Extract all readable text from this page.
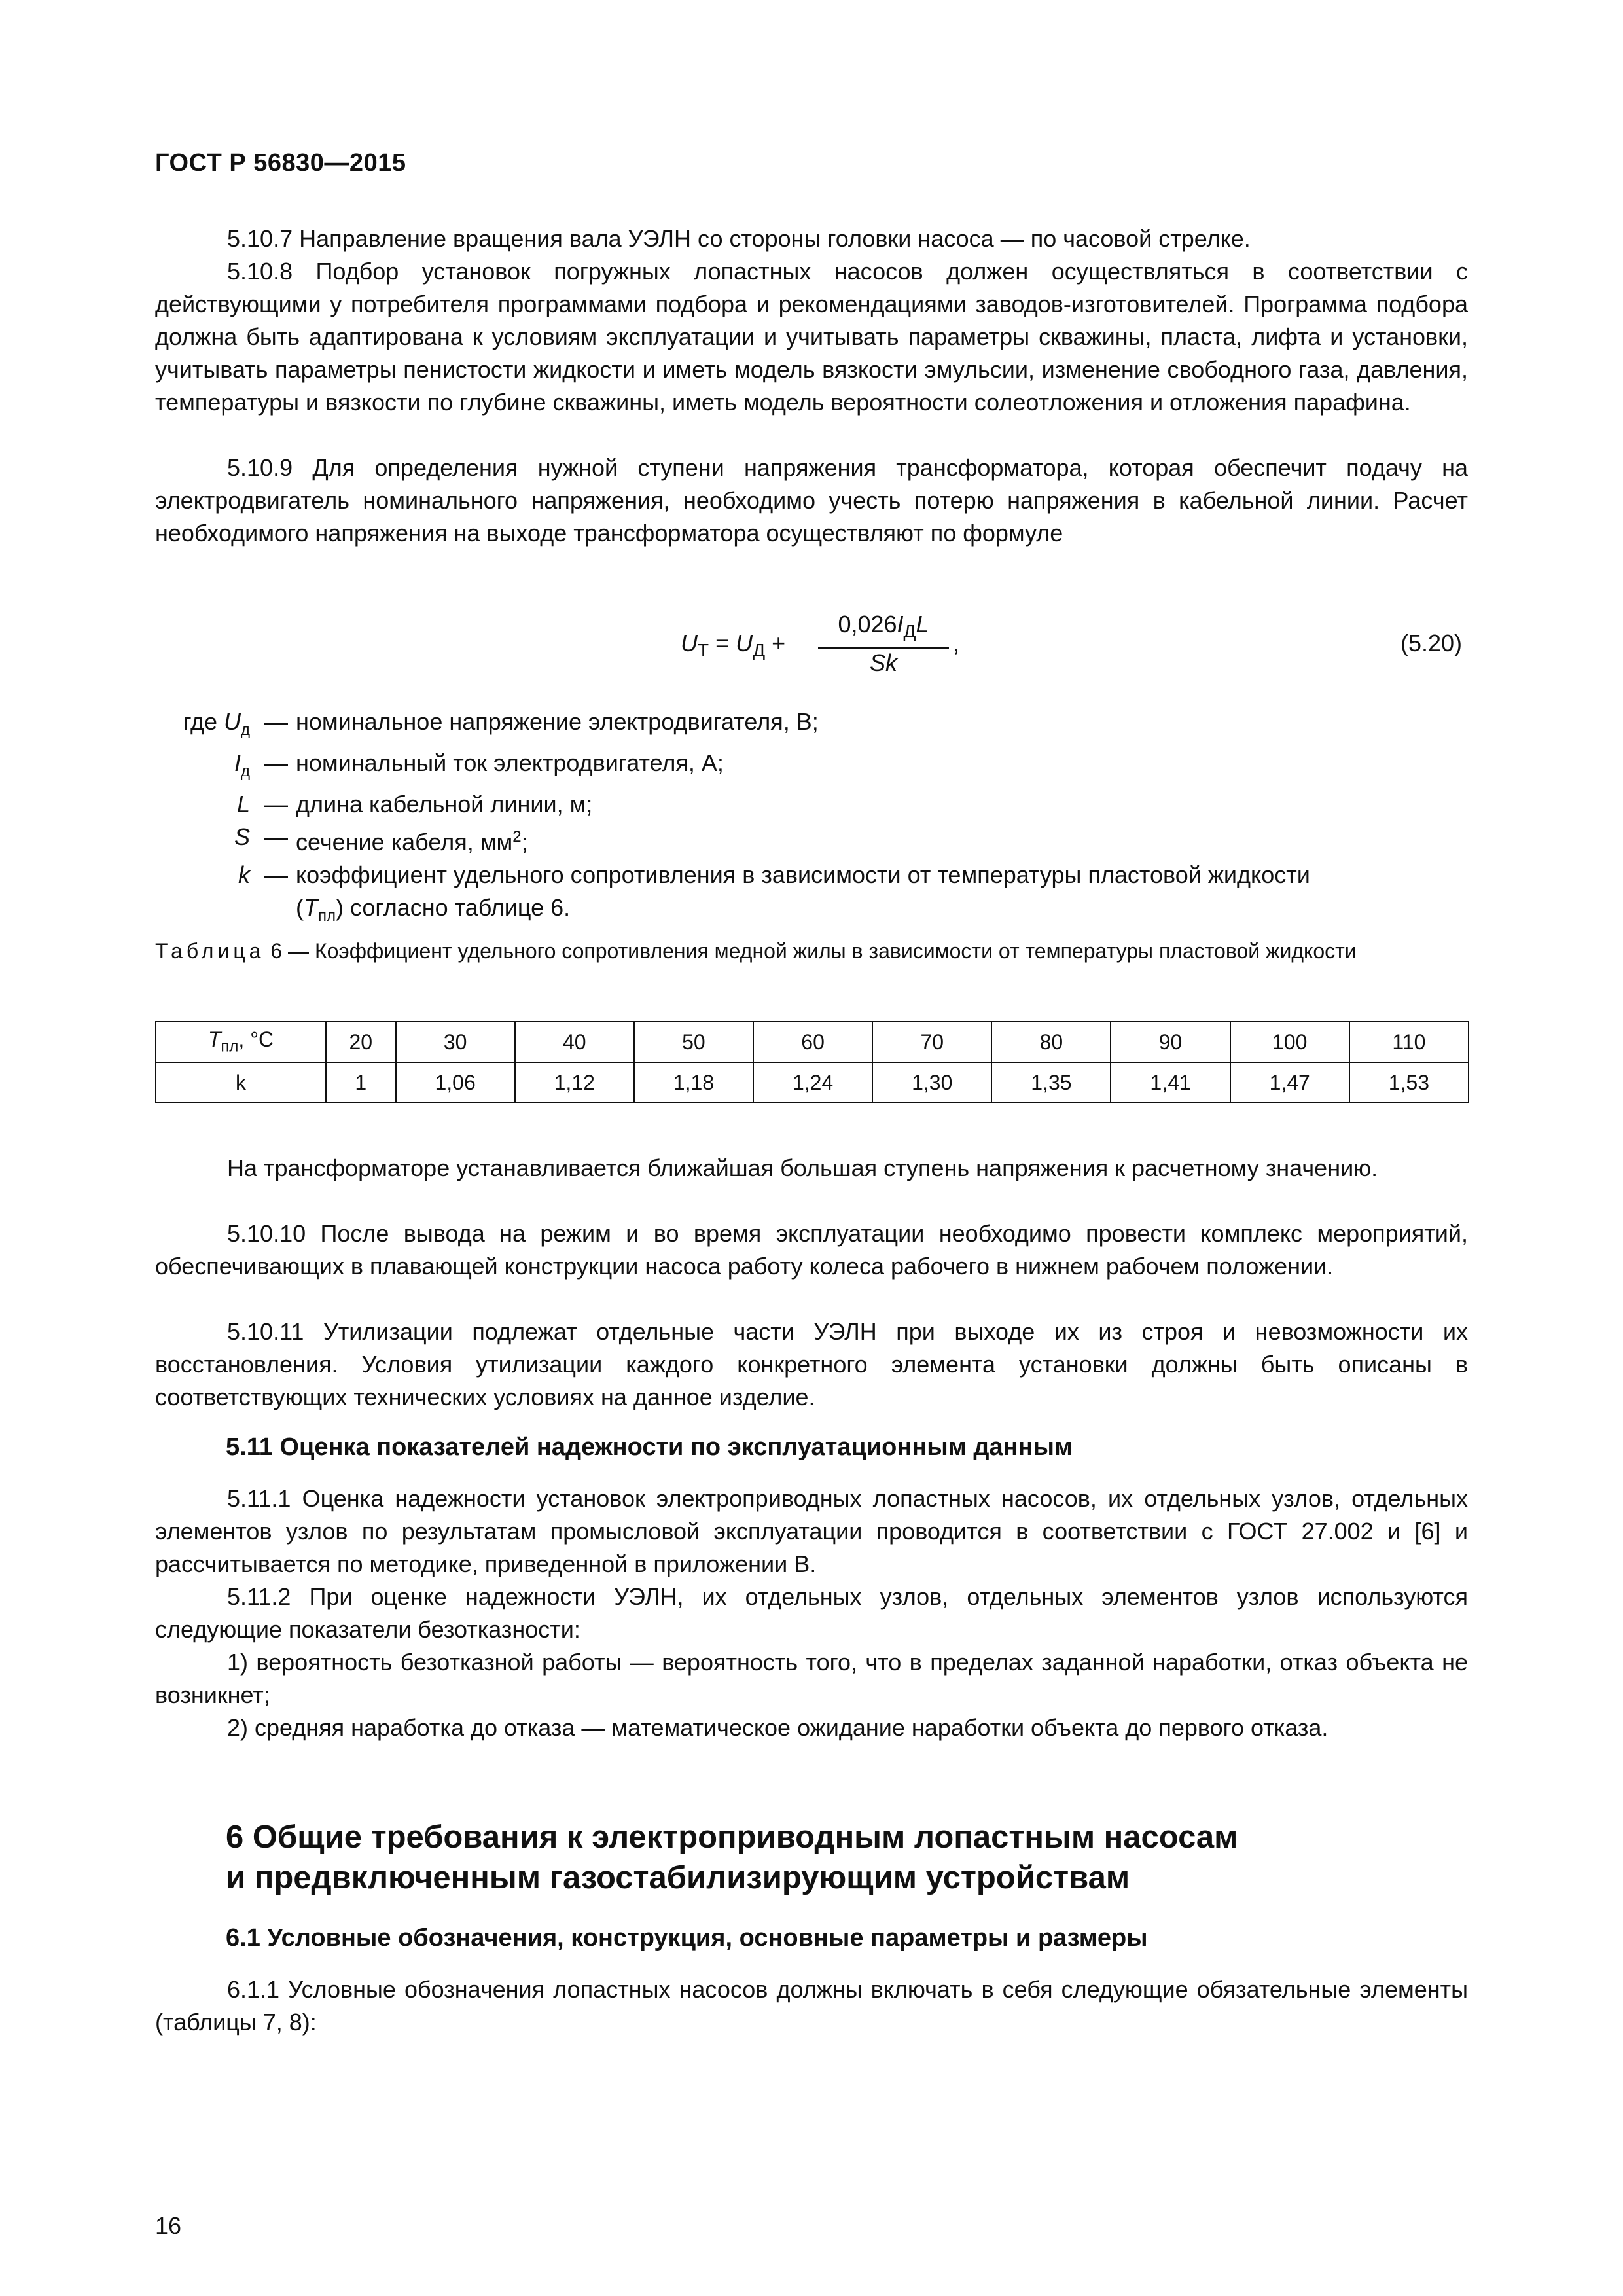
ГОСТ Р 56830—2015

5.10.7 Направление вращения вала УЭЛН со стороны головки насоса — по часовой стрелке.

5.10.8 Подбор установок погружных лопастных насосов должен осуществляться в соответствии с действующими у потребителя программами подбора и рекомендациями заводов-изготовителей. Программа подбора должна быть адаптирована к условиям эксплуатации и учитывать параметры скважины, пласта, лифта и установки, учитывать параметры пенистости жидкости и иметь модель вязкости эмульсии, изменение свободного газа, давления, температуры и вязкости по глубине скважины, иметь модель вероятности солеотложения и отложения парафина.

5.10.9 Для определения нужной ступени напряжения трансформатора, которая обеспечит подачу на электродвигатель номинального напряжения, необходимо учесть потерю напряжения в кабельной линии. Расчет необходимого напряжения на выходе трансформатора осуществляют по формуле

$U_Т = U_Д$ +
$0,026I_ДL$
Sk
,	(5.20)
где $U_д$ — номинальное напряжение электродвигателя, В;
$I_д$ — номинальный ток электродвигателя, А;
L — длина кабельной линии, м;
S — сечение кабеля, $мм^2$;
k — коэффициент удельного сопротивления в зависимости от температуры пластовой жидкости
$(T_{пл})$ согласно таблице 6.
Таблица 6 — Коэффициент удельного сопротивления медной жилы в зависимости от температуры пластовой жидкости
$T_{пл}$, °С	20	30	40	50	60	70	80	90	100	110
k	1	1,06	1,12	1,18	1,24	1,30	1,35	1,41	1,47	1,53

На трансформаторе устанавливается ближайшая большая ступень напряжения к расчетному значению.

5.10.10 После вывода на режим и во время эксплуатации необходимо провести комплекс мероприятий, обеспечивающих в плавающей конструкции насоса работу колеса рабочего в нижнем рабочем положении.

5.10.11 Утилизации подлежат отдельные части УЭЛН при выходе их из строя и невозможности их восстановления. Условия утилизации каждого конкретного элемента установки должны быть описаны в соответствующих технических условиях на данное изделие.

5.11 Оценка показателей надежности по эксплуатационным данным

5.11.1 Оценка надежности установок электроприводных лопастных насосов, их отдельных узлов, отдельных элементов узлов по результатам промысловой эксплуатации проводится в соответствии с ГОСТ 27.002 и [6] и рассчитывается по методике, приведенной в приложении В.

5.11.2 При оценке надежности УЭЛН, их отдельных узлов, отдельных элементов узлов используются следующие показатели безотказности:

1) вероятность безотказной работы — вероятность того, что в пределах заданной наработки, отказ объекта не возникнет;

2) средняя наработка до отказа — математическое ожидание наработки объекта до первого отказа.

6 Общие требования к электроприводным лопастным насосам
и предвключенным газостабилизирующим устройствам
6.1 Условные обозначения, конструкция, основные параметры и размеры

6.1.1 Условные обозначения лопастных насосов должны включать в себя следующие обязательные элементы (таблицы 7, 8):

16
